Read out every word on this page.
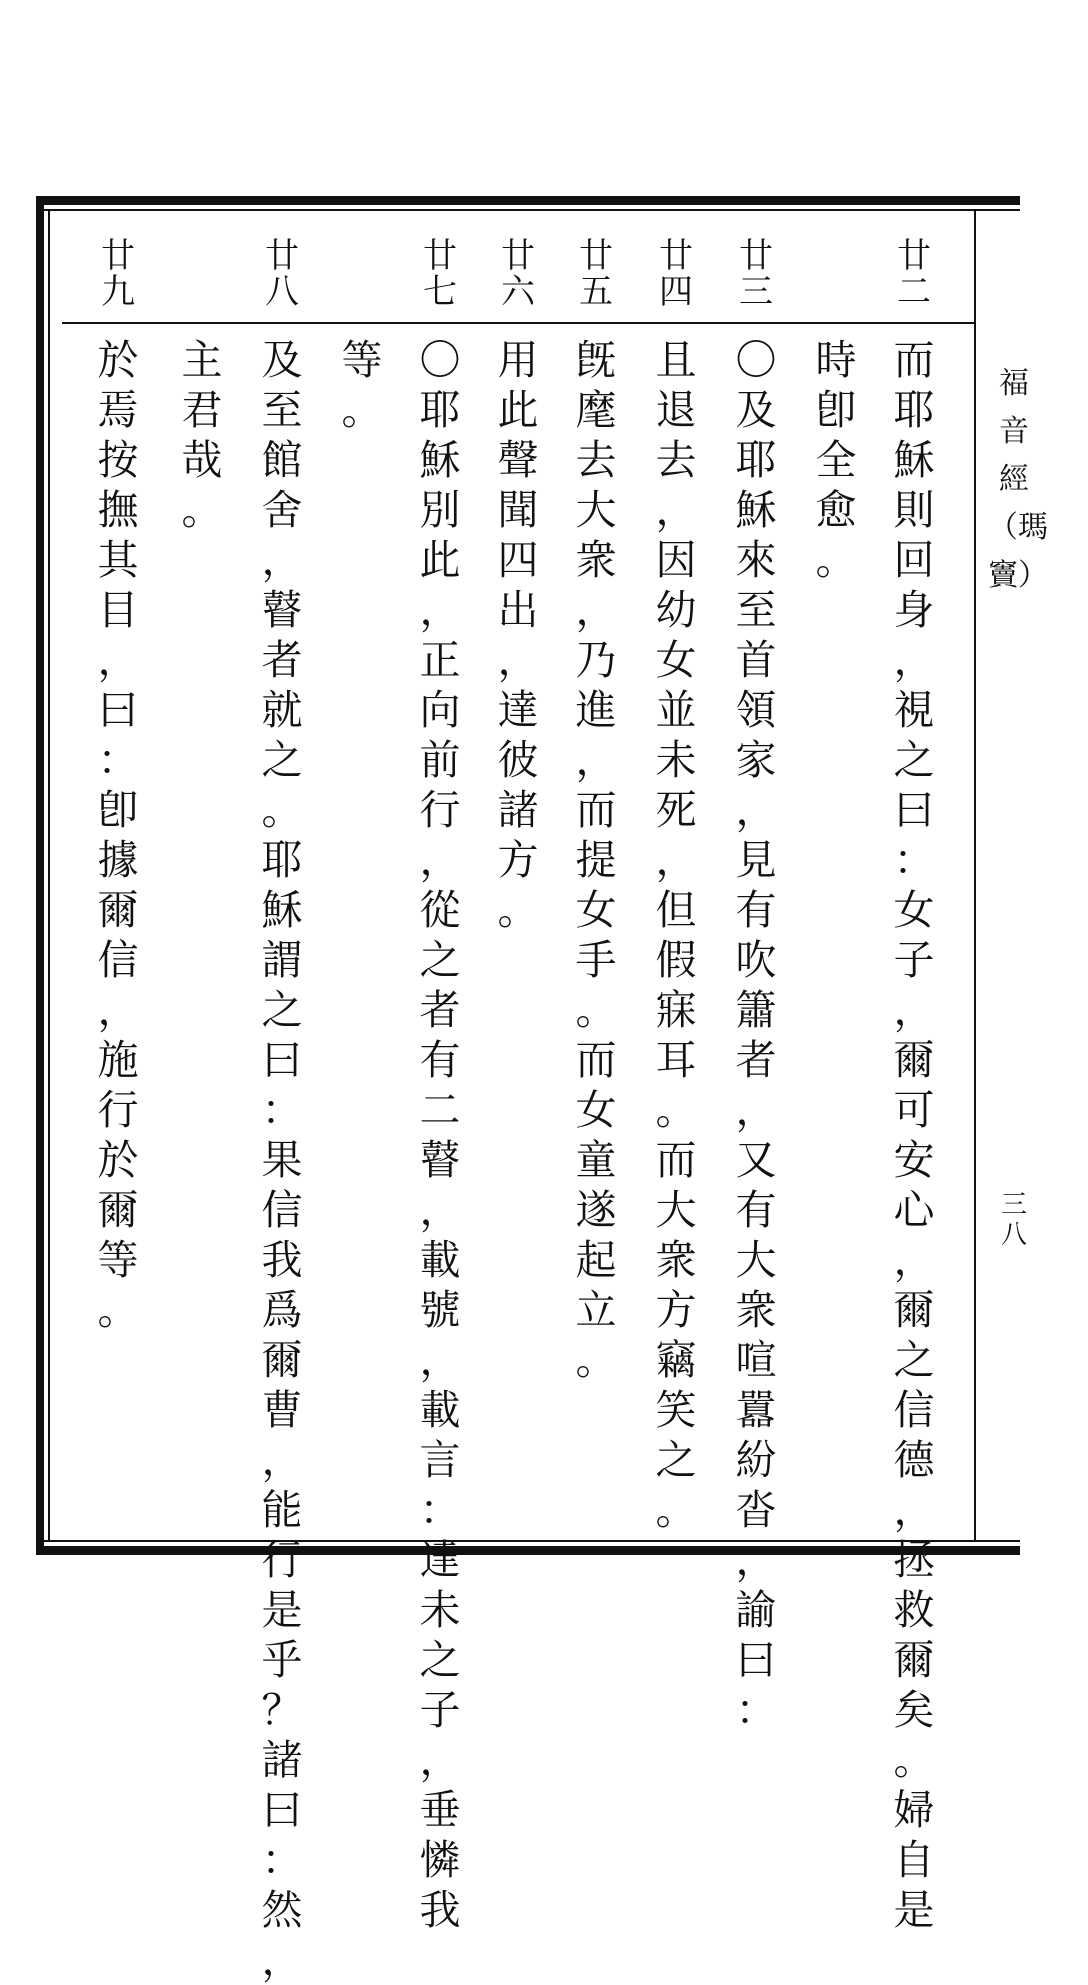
福音經（瑪竇）
三八
廿二
廿三
廿四
廿五
廿六
廿七
廿八
廿九
而
耶
穌
則
回
身
，
視
之
曰
：
女
子
，
爾
可
安
心
，
爾
之
信
德
，
拯
救
爾
矣
。
婦
自
是
時
卽
全
愈
。
〇
及
耶
穌
來
至
首
領
家
，
見
有
吹
簫
者
，
又
有
大
衆
喧
囂
紛
沓
，
諭
曰
：
且
退
去
，
因
幼
女
並
未
死
，
但
假
寐
耳
。
而
大
衆
方
竊
笑
之
。
旣
麾
去
大
衆
，
乃
進
，
而
提
女
手
。
而
女
童
遂
起
立
。
用
此
聲
聞
四
出
，
達
彼
諸
方
。
〇
耶
穌
別
此
，
正
向
前
行
，
從
之
者
有
二
瞽
，
載
號
，
載
言
：
達
未
之
子
，
垂
憐
我
等
。
及
至
館
舍
，
瞽
者
就
之
。
耶
穌
謂
之
曰
：
果
信
我
爲
爾
曹
，
能
行
是
乎
？
諸
曰
：
然
，
主
君
哉
。
於
焉
按
撫
其
目
，
曰
：
卽
據
爾
信
，
施
行
於
爾
等
。
